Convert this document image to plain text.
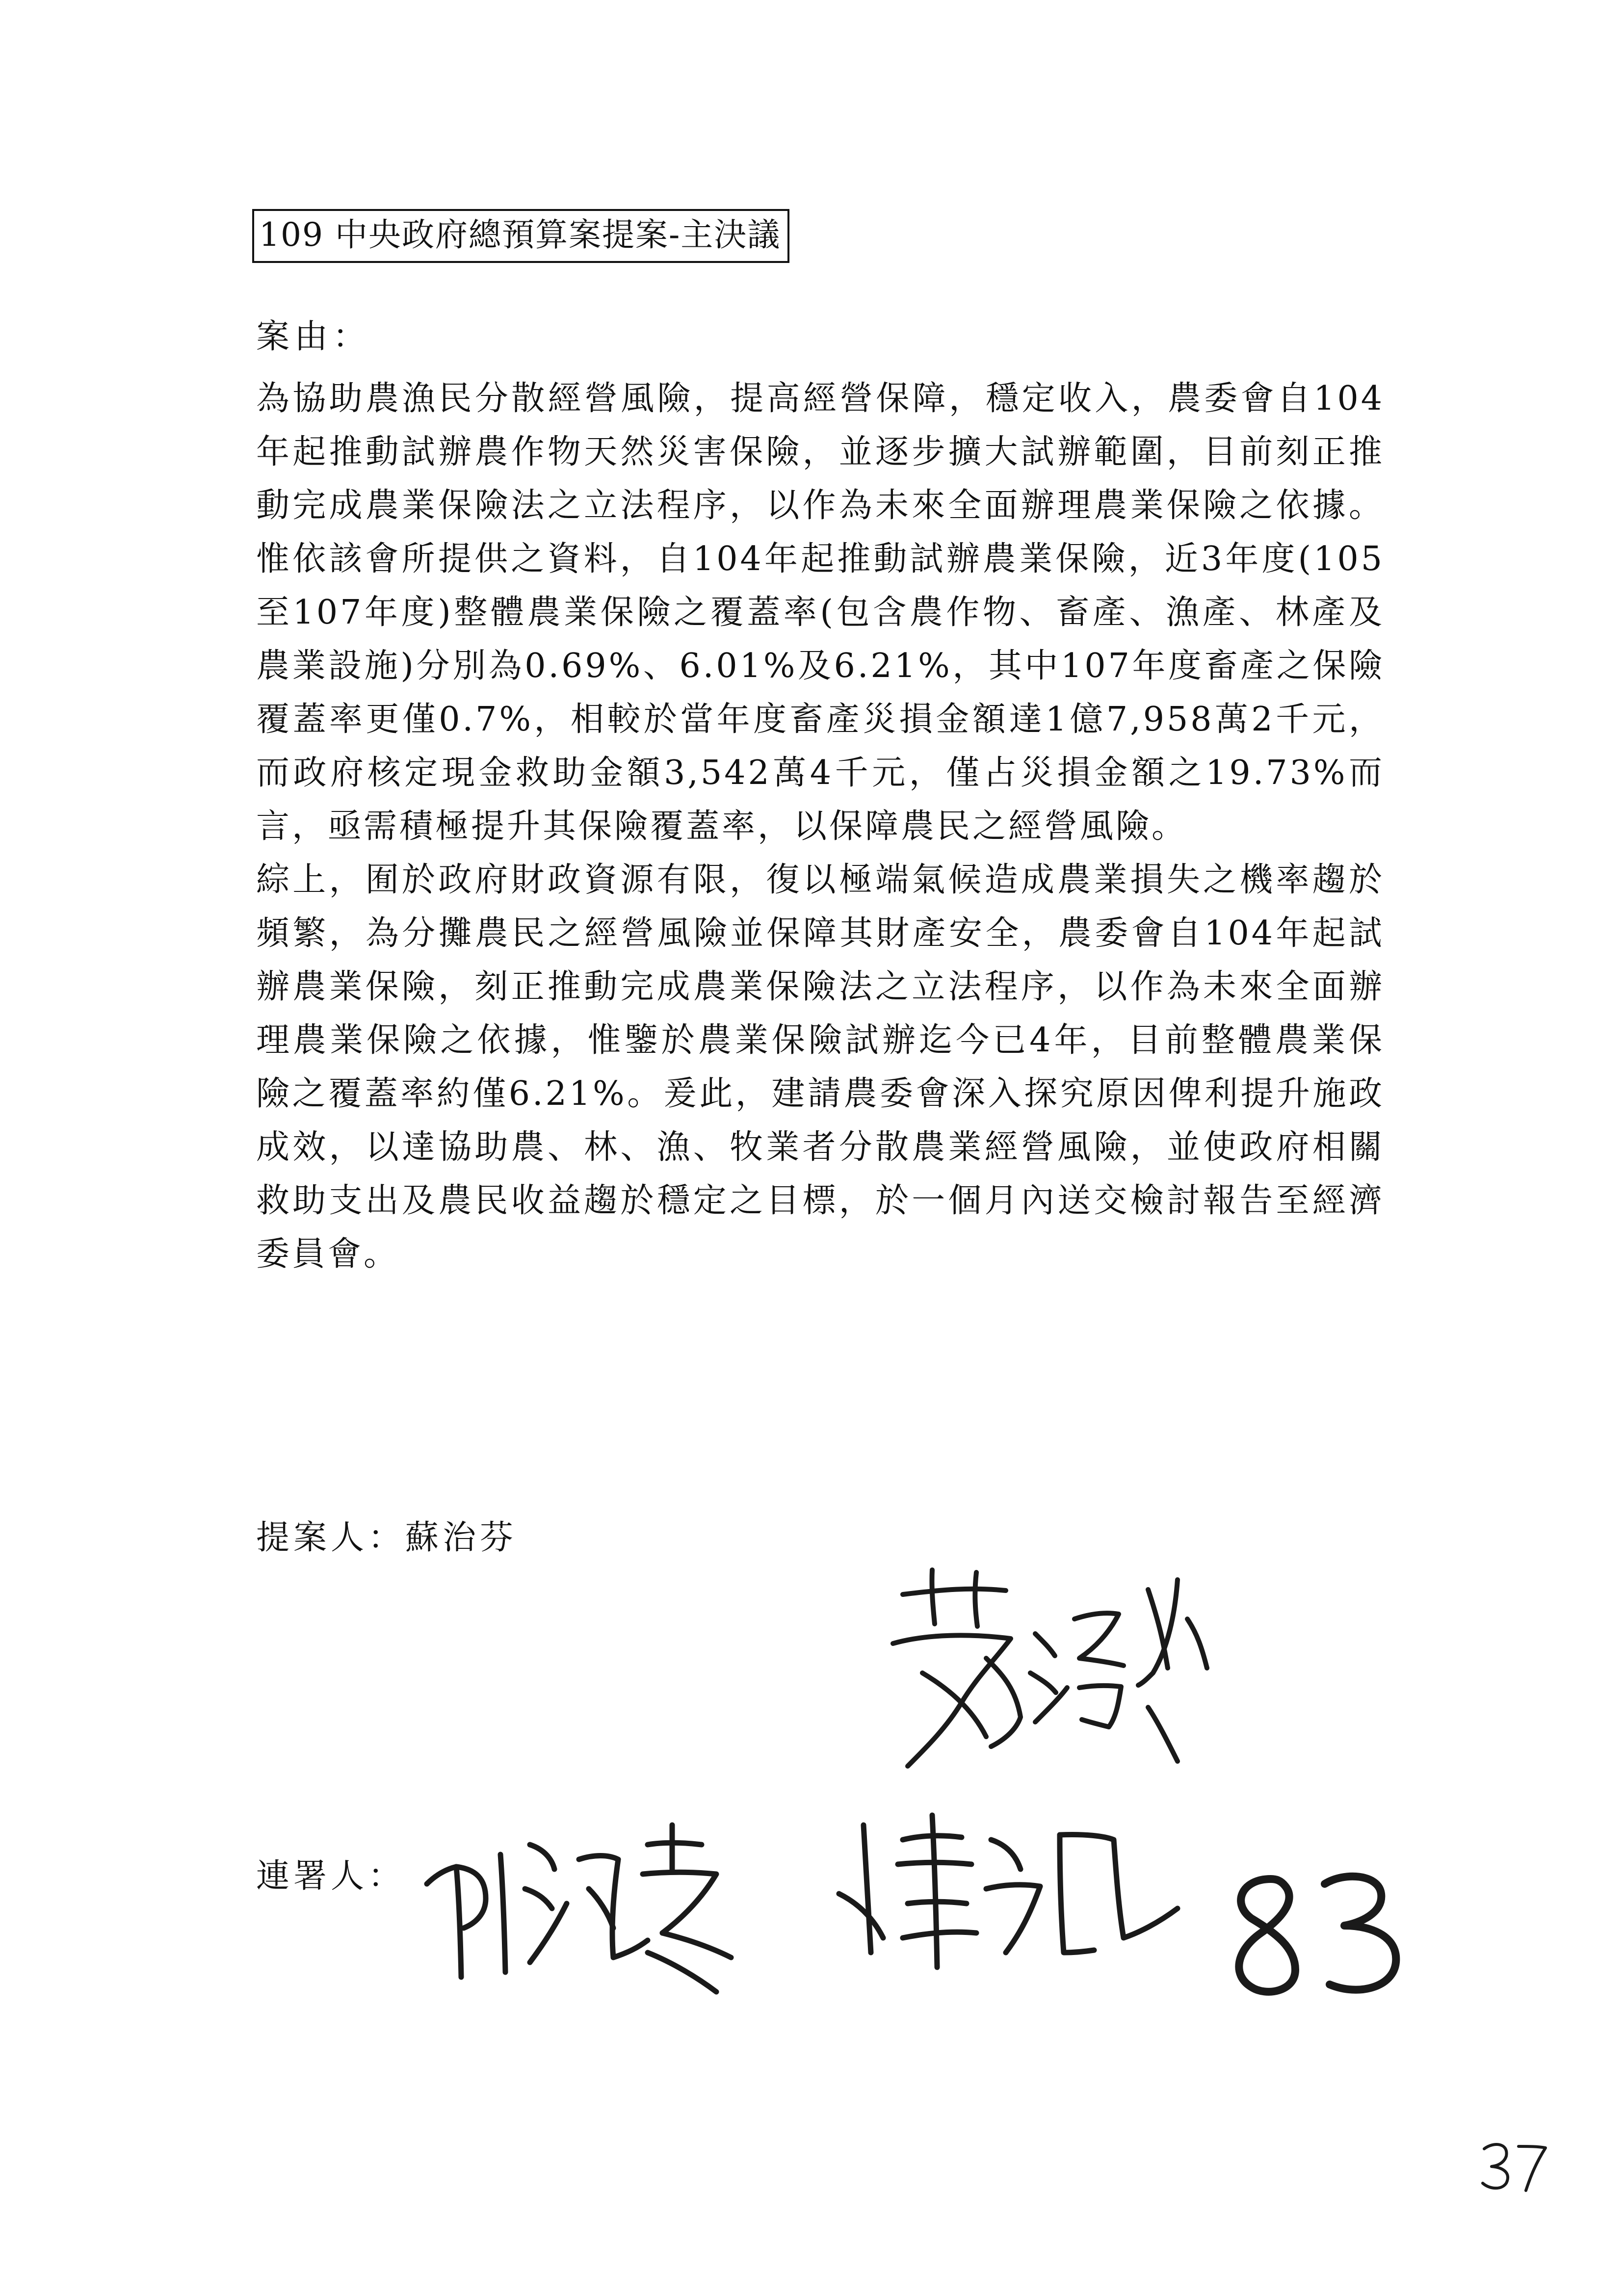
109 中央政府總預算案提案-主決議
案由：

為協助農漁民分散經營風險，提高經營保障，穩定收入，農委會自104年起推動試辦農作物天然災害保險，並逐步擴大試辦範圍，目前刻正推動完成農業保險法之立法程序，以作為未來全面辦理農業保險之依據。惟依該會所提供之資料，自104年起推動試辦農業保險，近3年度(105至107年度)整體農業保險之覆蓋率(包含農作物、畜產、漁產、林產及農業設施)分別為0.69%、6.01%及6.21%，其中107年度畜產之保險覆蓋率更僅0.7%，相較於當年度畜產災損金額達1億7,958萬2千元，而政府核定現金救助金額3,542萬4千元，僅占災損金額之19.73%而言，亟需積極提升其保險覆蓋率，以保障農民之經營風險。

綜上，囿於政府財政資源有限，復以極端氣候造成農業損失之機率趨於頻繁，為分攤農民之經營風險並保障其財產安全，農委會自104年起試辦農業保險，刻正推動完成農業保險法之立法程序，以作為未來全面辦理農業保險之依據，惟鑒於農業保險試辦迄今已4年，目前整體農業保險之覆蓋率約僅6.21%。爰此，建請農委會深入探究原因俾利提升施政成效，以達協助農、林、漁、牧業者分散農業經營風險，並使政府相關救助支出及農民收益趨於穩定之目標，於一個月內送交檢討報告至經濟委員會。

提案人：蘇治芬
連署人：
